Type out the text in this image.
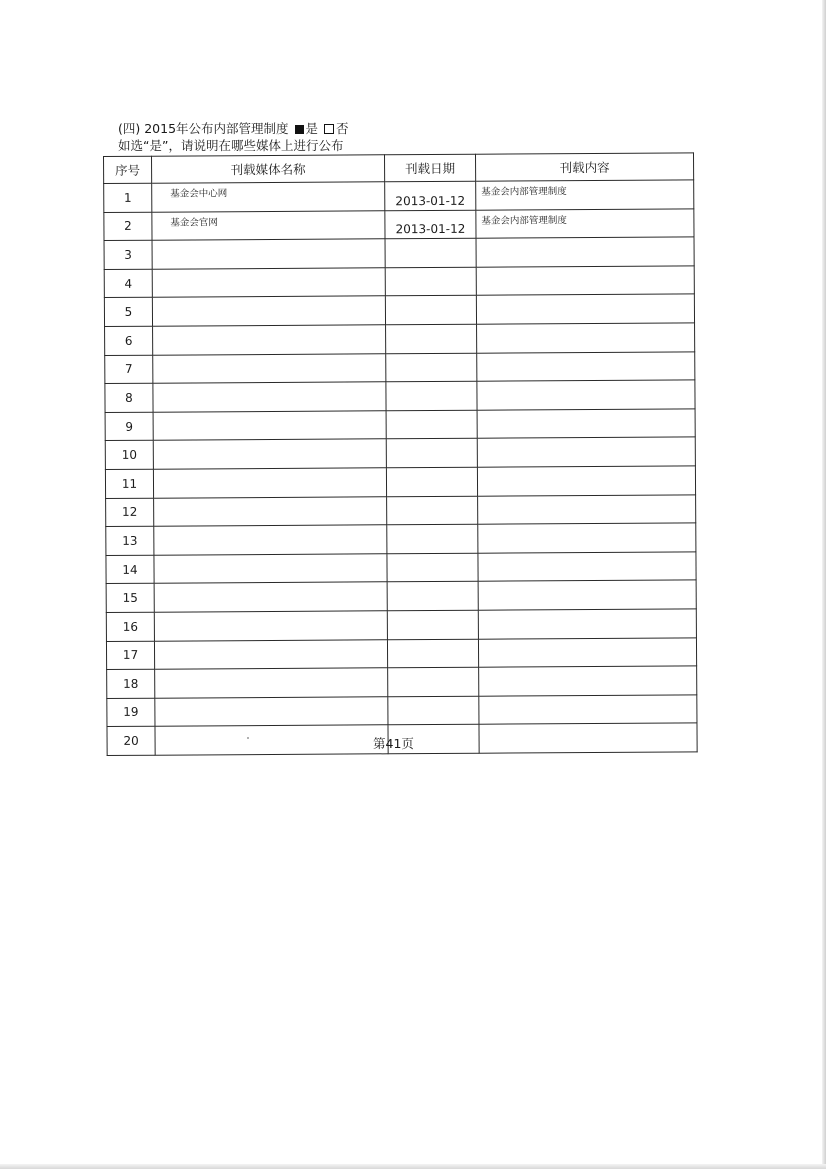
(四) 2015年公布内部管理制度 是 否
如选“是”，请说明在哪些媒体上进行公布
序号	刊载媒体名称	刊载日期	刊载内容
1	基金会中心网	2013-01-12	基金会内部管理制度
2	基金会官网	2013-01-12	基金会内部管理制度
3			
4			
5			
6			
7			
8			
9			
10			
11			
12			
13			
14			
15			
16			
17			
18			
19			
20				第41页
